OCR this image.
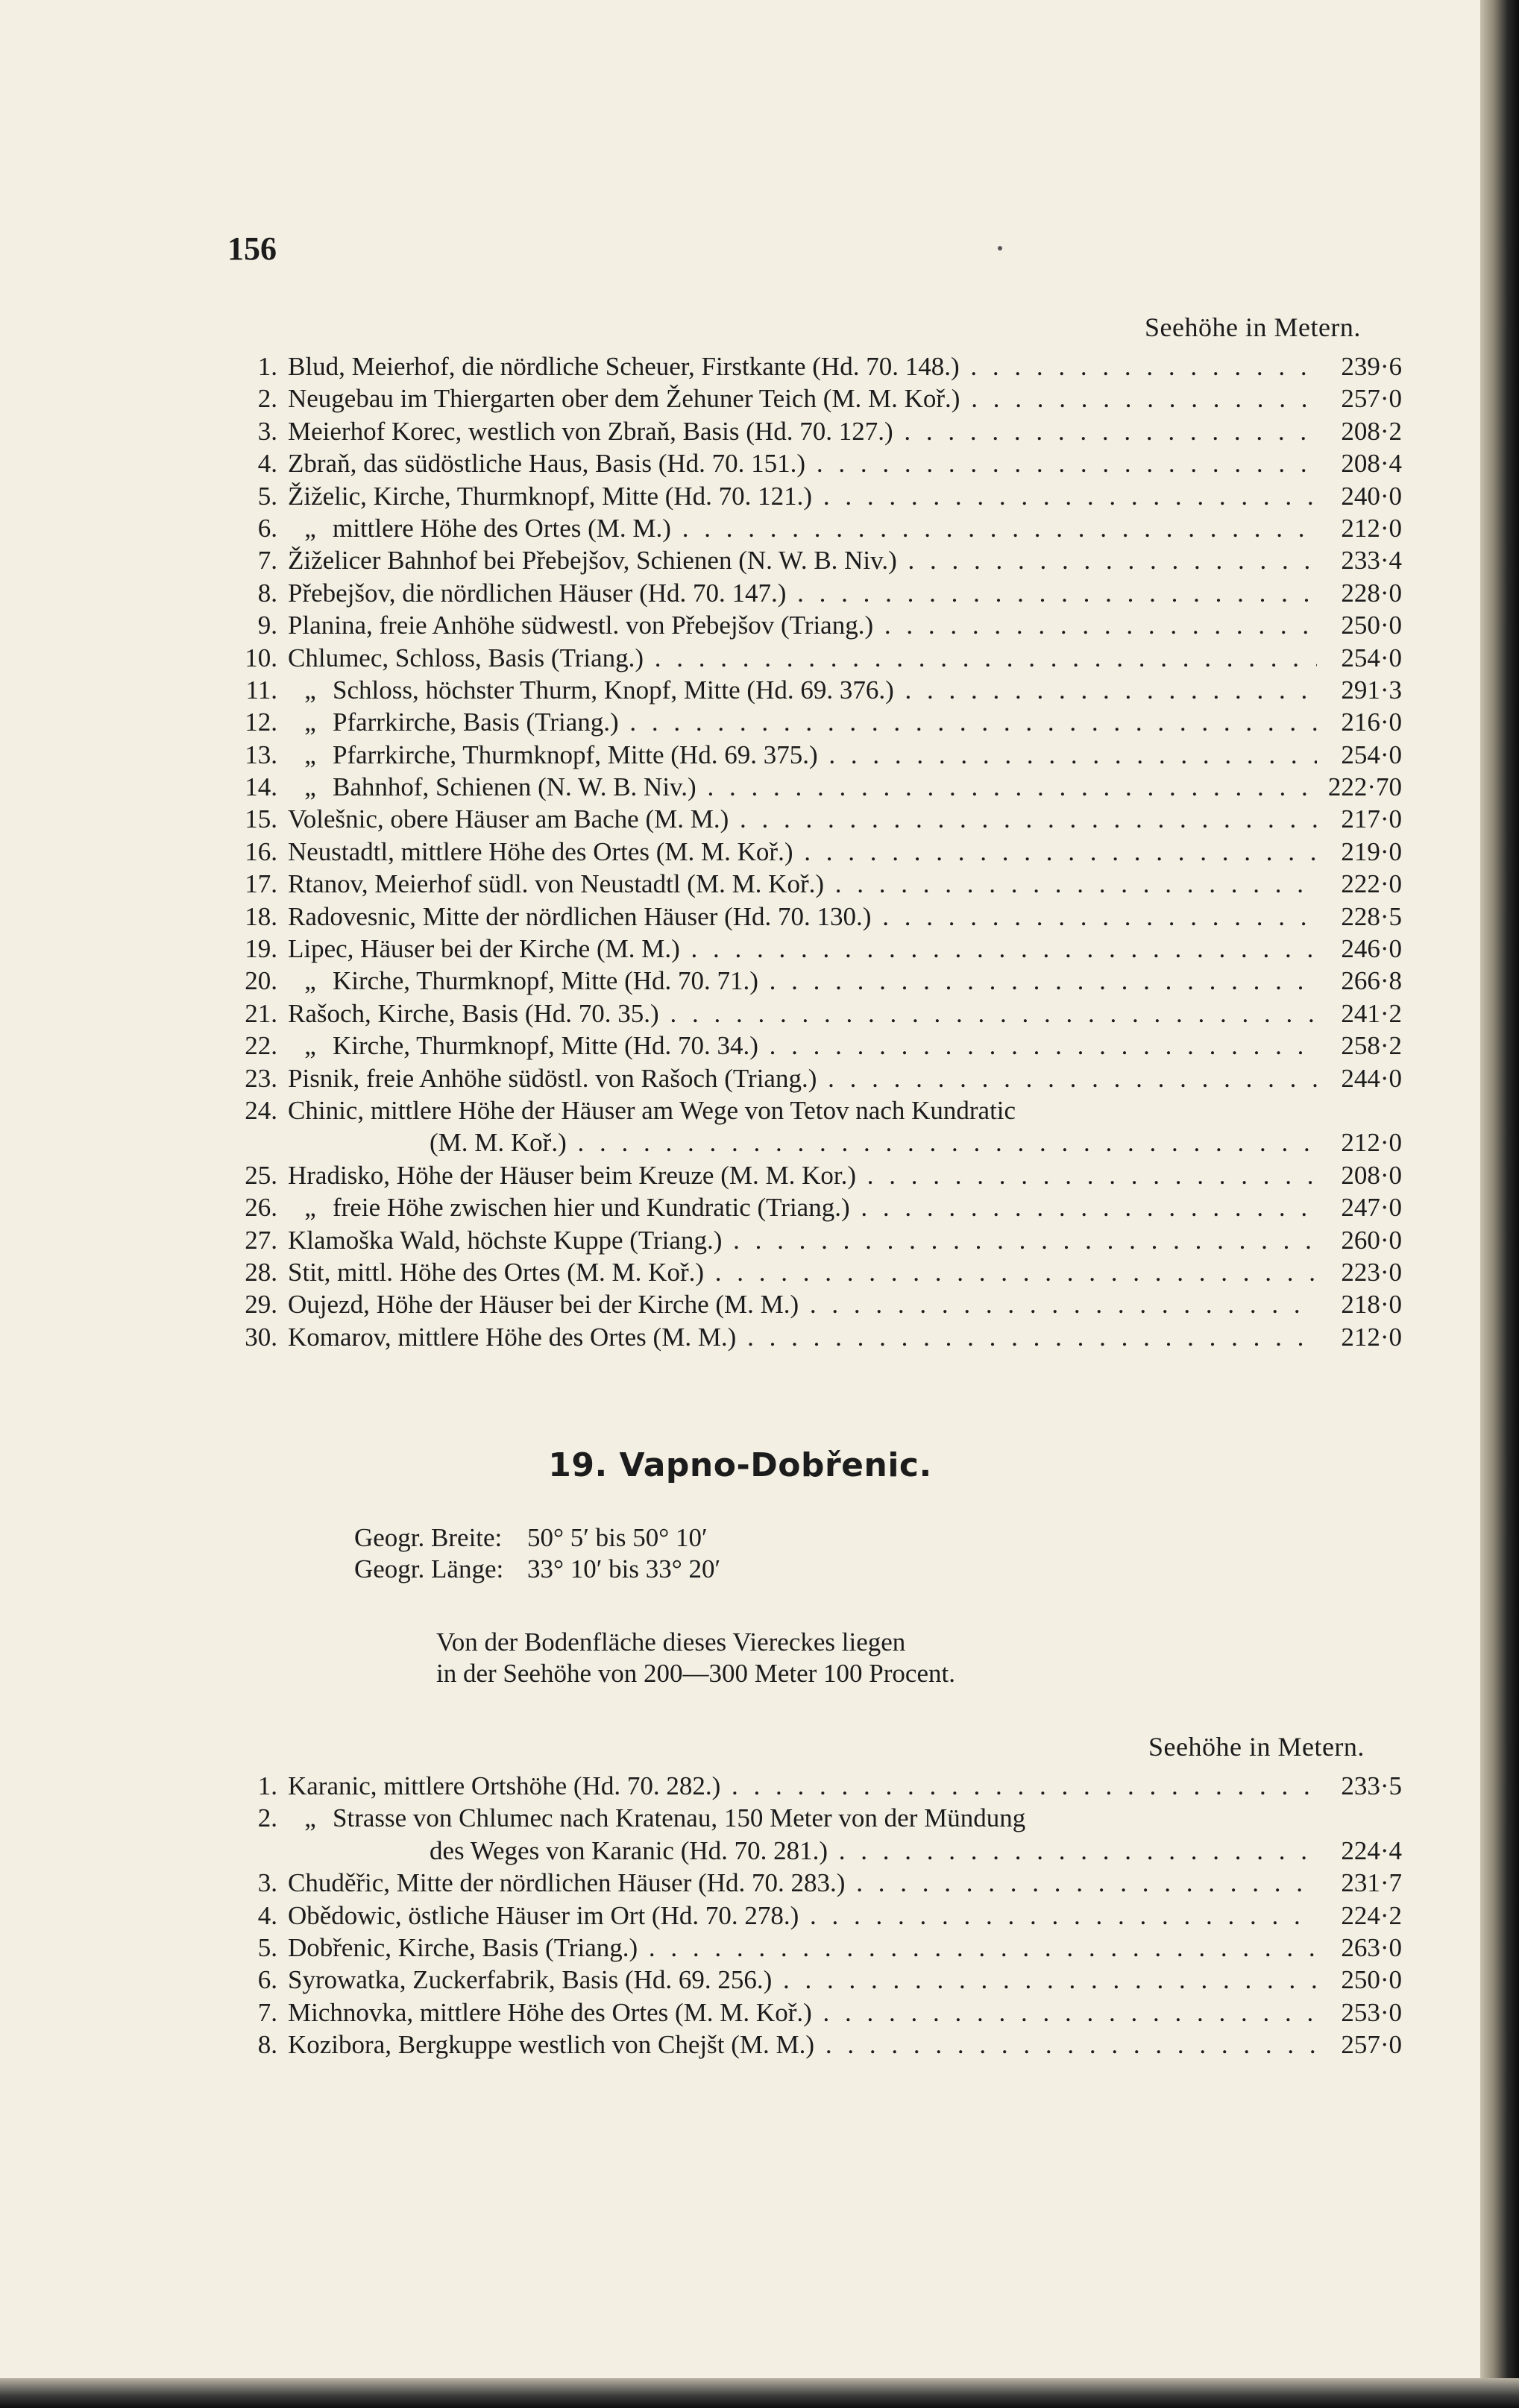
156
Seehöhe in Metern.
1. Blud, Meierhof, die nördliche Scheuer, Firstkante (Hd. 70. 148.) . . .	239·6
2. Neugebau im Thiergarten ober dem Žehuner Teich (M. M. Koř.) . . .	257·0
3. Meierhof Korec, westlich von Zbraň, Basis (Hd. 70. 127.) . . .	208·2
4. Zbraň, das südöstliche Haus, Basis (Hd. 70. 151.) . . .	208·4
5. Žiželic, Kirche, Thurmknopf, Mitte (Hd. 70. 121.) . . .	240·0
6.	„ mittlere Höhe des Ortes (M. M.) . . .	212·0
7. Žiželicer Bahnhof bei Přebejšov, Schienen (N. W. B. Niv.) . . .	233·4
8. Přebejšov, die nördlichen Häuser (Hd. 70. 147.) . . .	228·0
9. Planina, freie Anhöhe südwestl. von Přebejšov (Triang.) . . .	250·0
10. Chlumec, Schloss, Basis (Triang.) . . .	254·0
11.	„ Schloss, höchster Thurm, Knopf, Mitte (Hd. 69. 376.) . . .	291·3
12.	„ Pfarrkirche, Basis (Triang.) . . .	216·0
13.	„ Pfarrkirche, Thurmknopf, Mitte (Hd. 69. 375.) . . .	254·0
14.	„ Bahnhof, Schienen (N. W. B. Niv.) . . .	222·70
15. Volešnic, obere Häuser am Bache (M. M.) . . .	217·0
16. Neustadtl, mittlere Höhe des Ortes (M. M. Koř.) . . .	219·0
17. Rtanov, Meierhof südl. von Neustadtl (M. M. Koř.) . . .	222·0
18. Radovesnic, Mitte der nördlichen Häuser (Hd. 70. 130.) . . .	228·5
19. Lipec, Häuser bei der Kirche (M. M.) . . .	246·0
20.	„ Kirche, Thurmknopf, Mitte (Hd. 70. 71.) . . .	266·8
21. Rašoch, Kirche, Basis (Hd. 70. 35.) . . .	241·2
22.	„ Kirche, Thurmknopf, Mitte (Hd. 70. 34.) . . .	258·2
23. Pisnik, freie Anhöhe südöstl. von Rašoch (Triang.) . . .	244·0
24. Chinic, mittlere Höhe der Häuser am Wege von Tetov nach Kundratic
(M. M. Koř.) . . .	212·0
25. Hradisko, Höhe der Häuser beim Kreuze (M. M. Kor.) . . .	208·0
26.	„ freie Höhe zwischen hier und Kundratic (Triang.) . . .	247·0
27. Klamoška Wald, höchste Kuppe (Triang.) . . .	260·0
28. Stit, mittl. Höhe des Ortes (M. M. Koř.) . . .	223·0
29. Oujezd, Höhe der Häuser bei der Kirche (M. M.) . . .	218·0
30. Komarov, mittlere Höhe des Ortes (M. M.) . . .	212·0
19. Vapno-Dobřenic.
Geogr. Breite: 50° 5′ bis 50° 10′
Geogr. Länge: 33° 10′ bis 33° 20′
Von der Bodenfläche dieses Viereckes liegen
in der Seehöhe von 200—300 Meter 100 Procent.
Seehöhe in Metern.
1. Karanic, mittlere Ortshöhe (Hd. 70. 282.) . . .	233·5
2.	„ Strasse von Chlumec nach Kratenau, 150 Meter von der Mündung
des Weges von Karanic (Hd. 70. 281.) . . .	224·4
3. Chuděřic, Mitte der nördlichen Häuser (Hd. 70. 283.) . . .	231·7
4. Obědowic, östliche Häuser im Ort (Hd. 70. 278.) . . .	224·2
5. Dobřenic, Kirche, Basis (Triang.) . . .	263·0
6. Syrowatka, Zuckerfabrik, Basis (Hd. 69. 256.) . . .	250·0
7. Michnovka, mittlere Höhe des Ortes (M. M. Koř.) . . .	253·0
8. Kozibora, Bergkuppe westlich von Chejšt (M. M.) . . .	257·0
